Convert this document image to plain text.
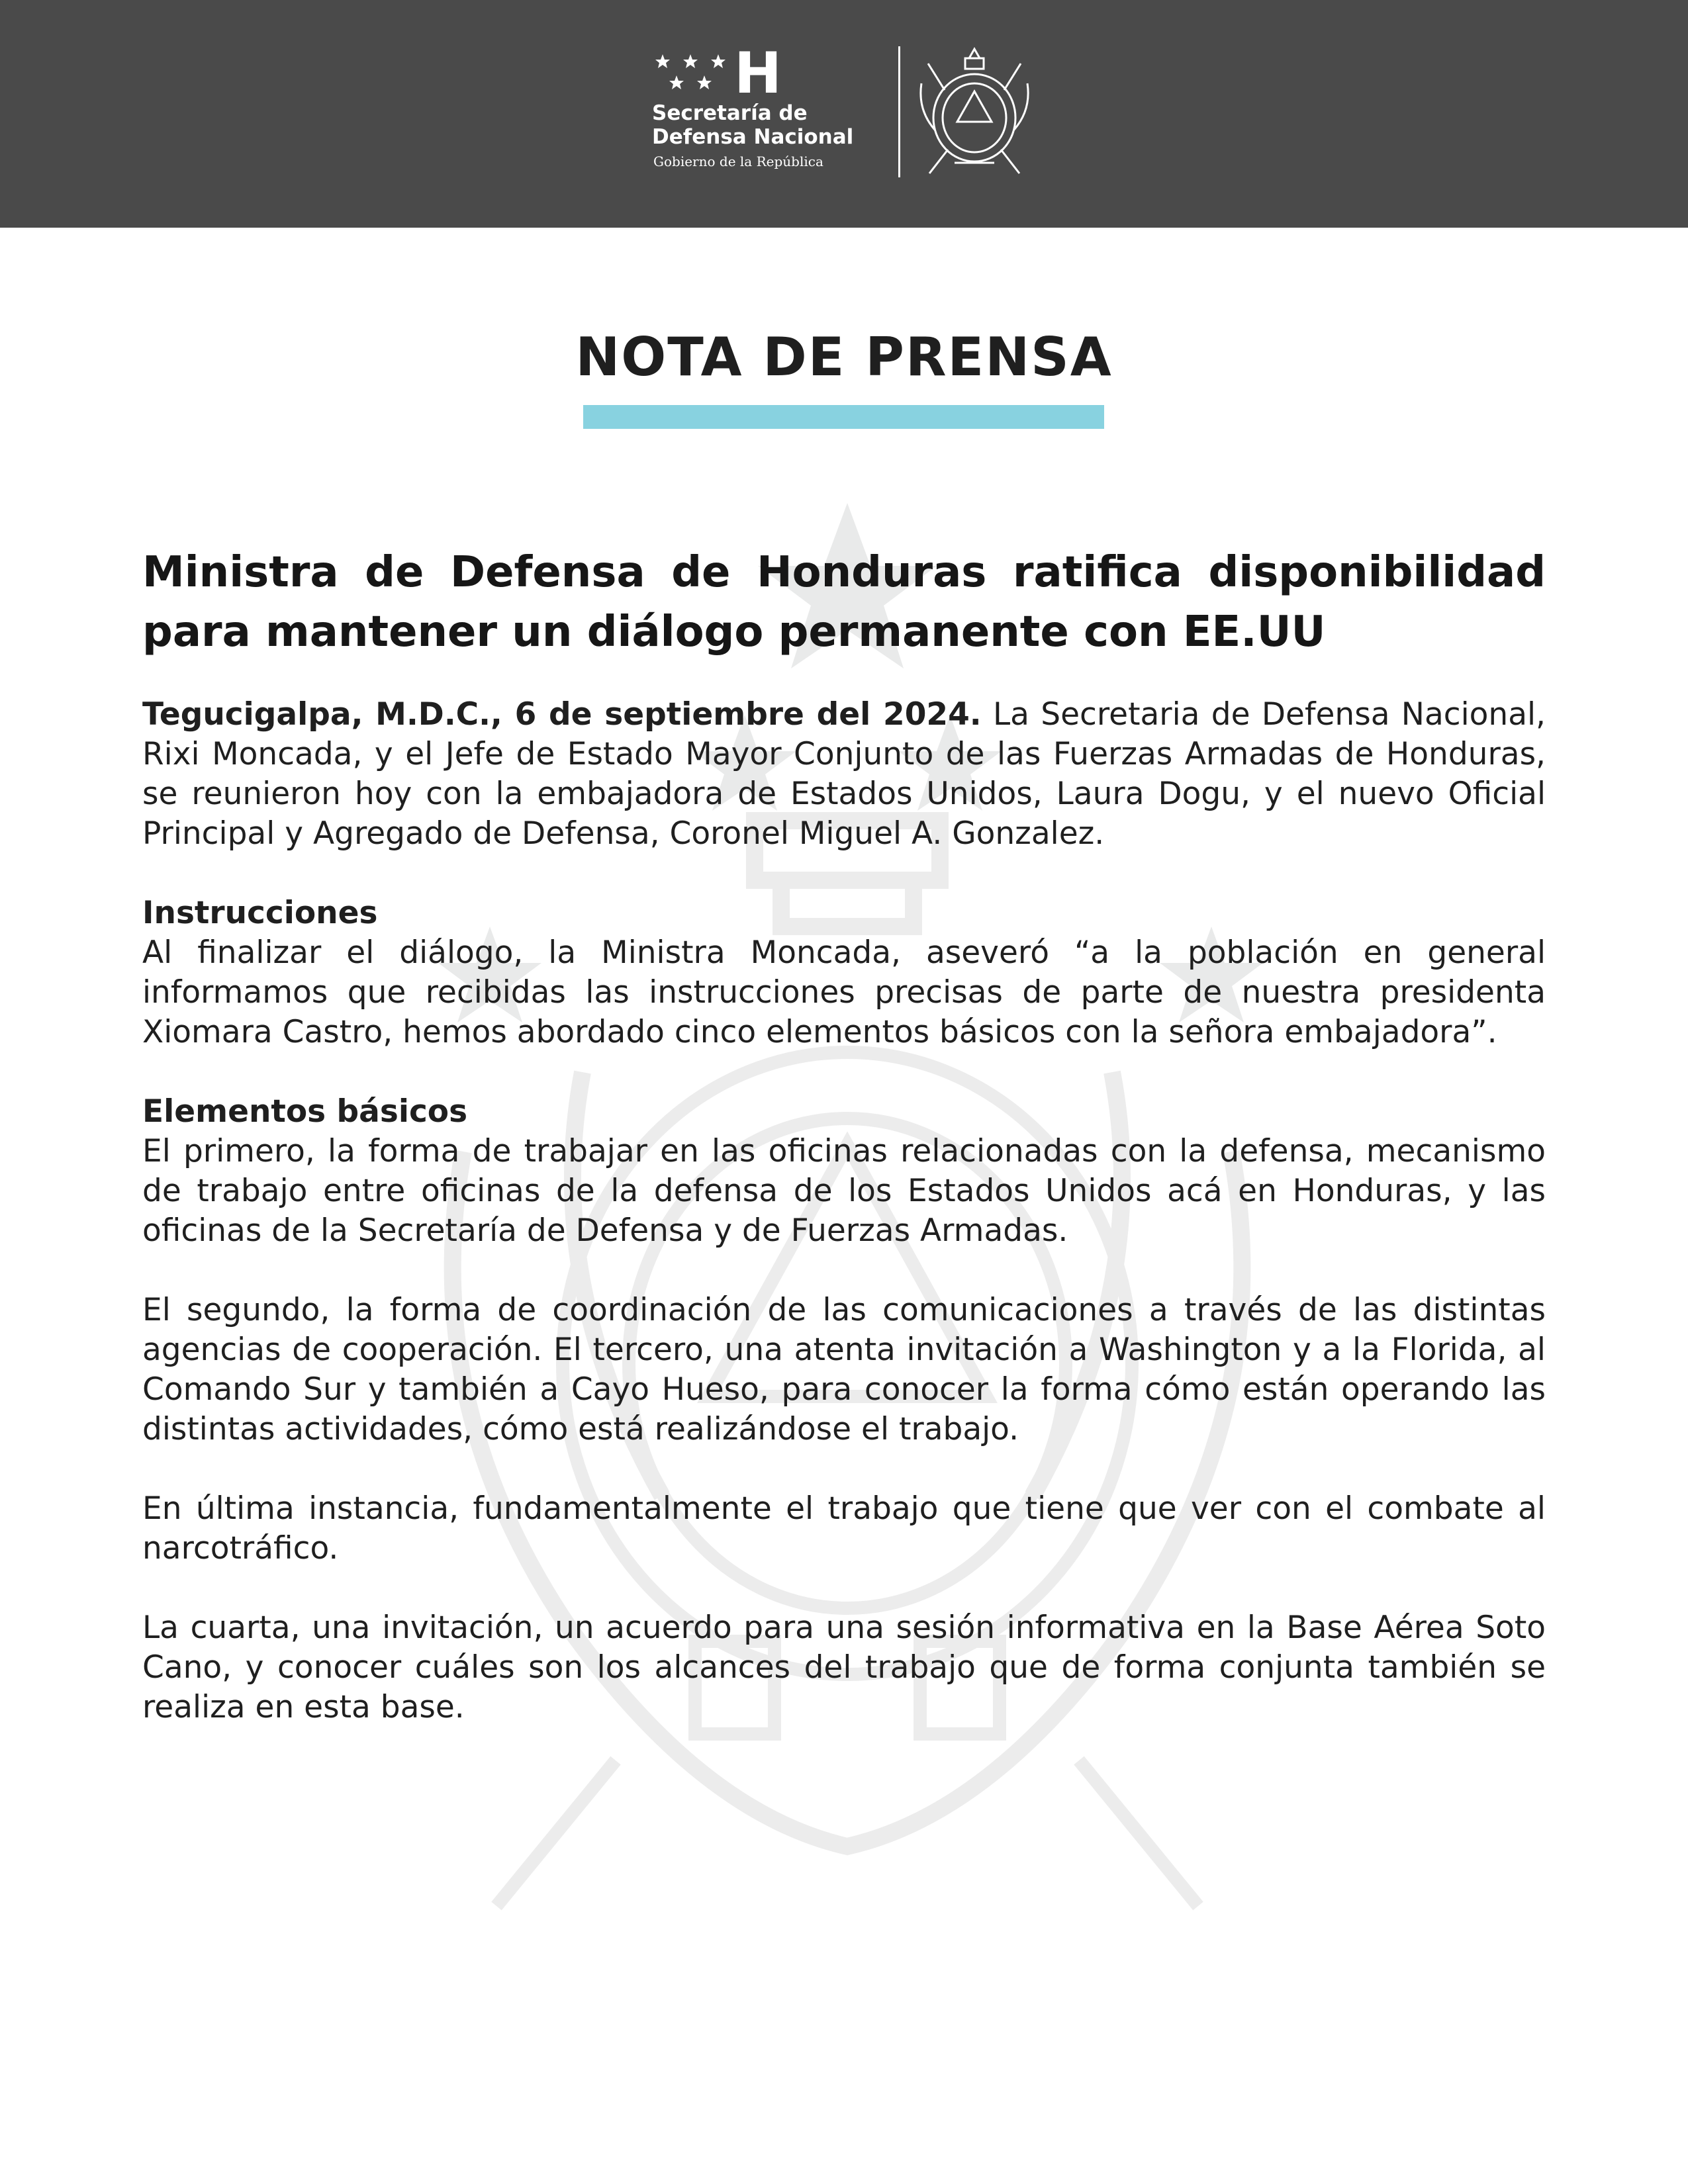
H
Secretaría de
Defensa Nacional
Gobierno de la República
NOTA DE PRENSA

Ministra de Defensa de Honduras ratifica disponibilidad para mantener un diálogo permanente con EE.UU

Tegucigalpa, M.D.C., 6 de septiembre del 2024. La Secretaria de Defensa Nacional, Rixi Moncada, y el Jefe de Estado Mayor Conjunto de las Fuerzas Armadas de Honduras, se reunieron hoy con la embajadora de Estados Unidos, Laura Dogu, y el nuevo Oficial Principal y Agregado de Defensa, Coronel Miguel A. Gonzalez.

Instrucciones

Al finalizar el diálogo, la Ministra Moncada, aseveró “a la población en general informamos que recibidas las instrucciones precisas de parte de nuestra presidenta Xiomara Castro, hemos abordado cinco elementos básicos con la señora embajadora”.

Elementos básicos

El primero, la forma de trabajar en las oficinas relacionadas con la defensa, mecanismo de trabajo entre oficinas de la defensa de los Estados Unidos acá en Honduras, y las oficinas de la Secretaría de Defensa y de Fuerzas Armadas.

El segundo, la forma de coordinación de las comunicaciones a través de las distintas agencias de cooperación. El tercero, una atenta invitación a Washington y a la Florida, al Comando Sur y también a Cayo Hueso, para conocer la forma cómo están operando las distintas actividades, cómo está realizándose el trabajo.

En última instancia, fundamentalmente el trabajo que tiene que ver con el combate al narcotráfico.

La cuarta, una invitación, un acuerdo para una sesión informativa en la Base Aérea Soto Cano, y conocer cuáles son los alcances del trabajo que de forma conjunta también se realiza en esta base.
